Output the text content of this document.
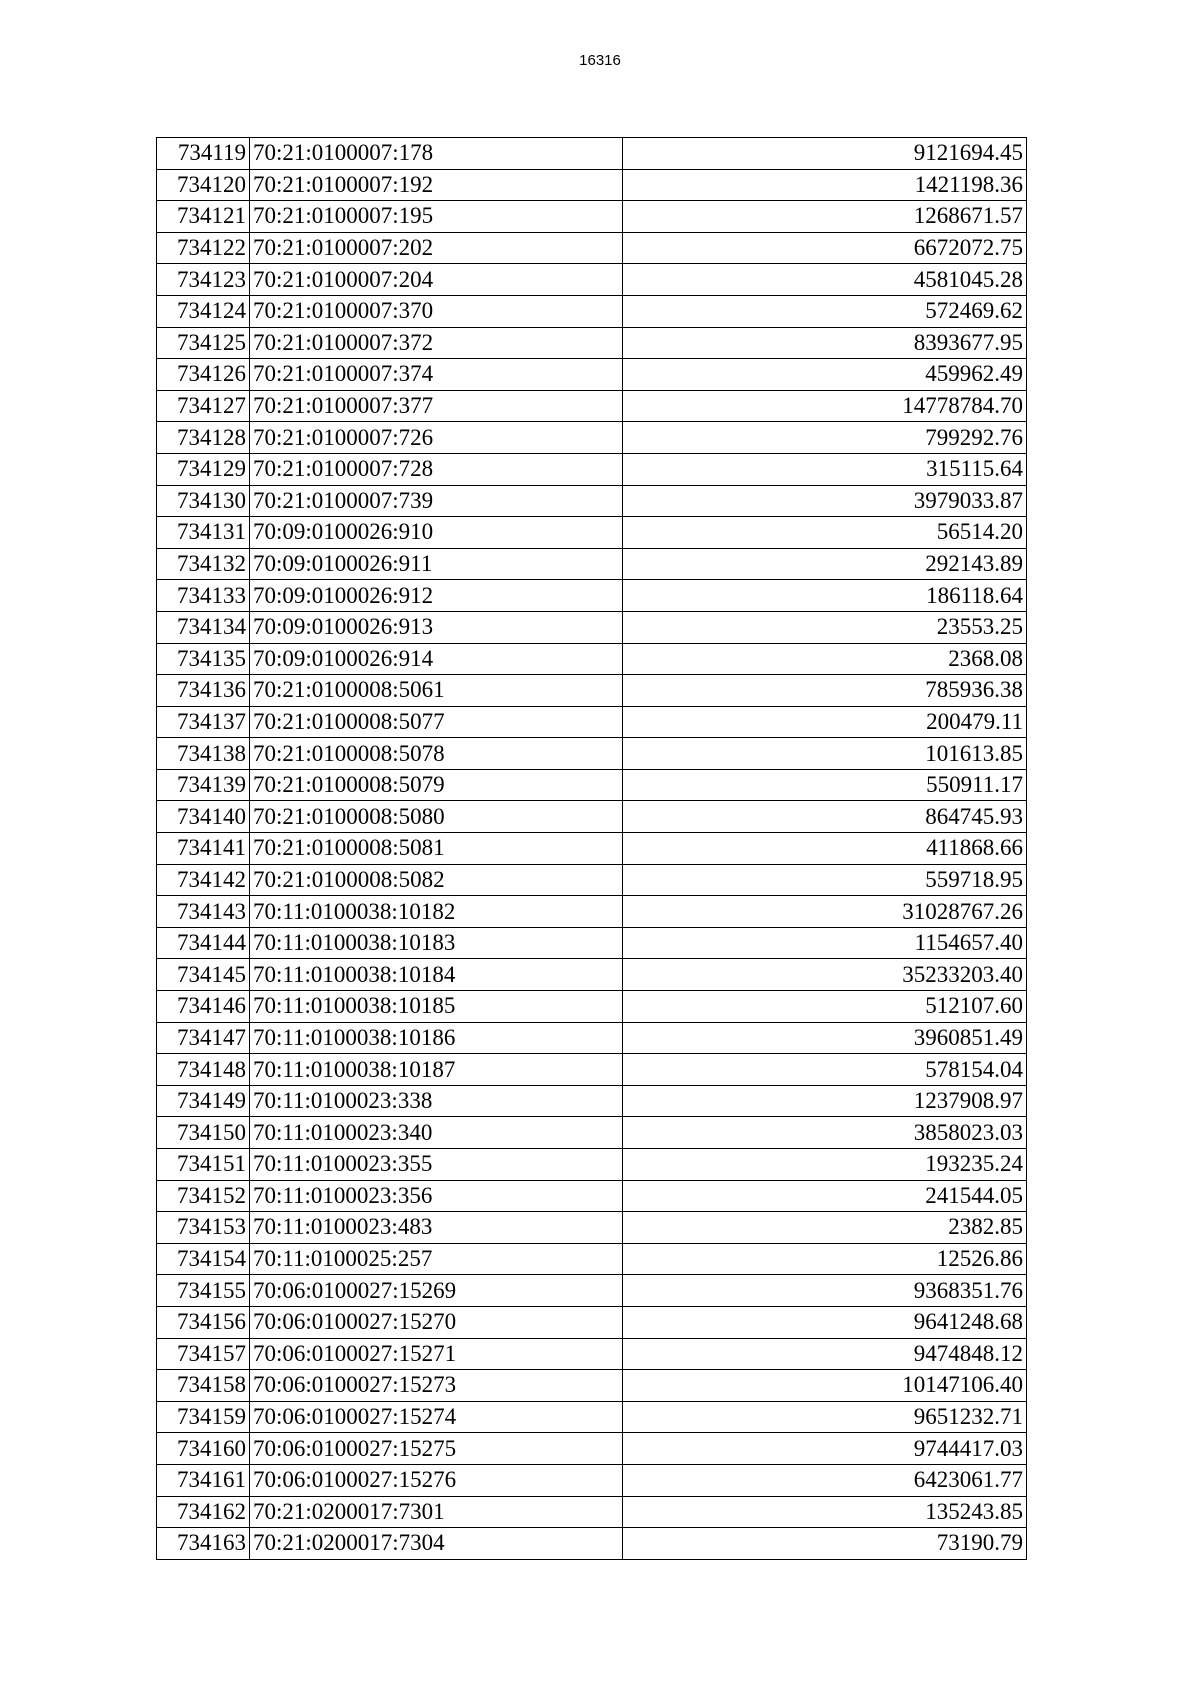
16316
734119	70:21:0100007:178	9121694.45
734120	70:21:0100007:192	1421198.36
734121	70:21:0100007:195	1268671.57
734122	70:21:0100007:202	6672072.75
734123	70:21:0100007:204	4581045.28
734124	70:21:0100007:370	572469.62
734125	70:21:0100007:372	8393677.95
734126	70:21:0100007:374	459962.49
734127	70:21:0100007:377	14778784.70
734128	70:21:0100007:726	799292.76
734129	70:21:0100007:728	315115.64
734130	70:21:0100007:739	3979033.87
734131	70:09:0100026:910	56514.20
734132	70:09:0100026:911	292143.89
734133	70:09:0100026:912	186118.64
734134	70:09:0100026:913	23553.25
734135	70:09:0100026:914	2368.08
734136	70:21:0100008:5061	785936.38
734137	70:21:0100008:5077	200479.11
734138	70:21:0100008:5078	101613.85
734139	70:21:0100008:5079	550911.17
734140	70:21:0100008:5080	864745.93
734141	70:21:0100008:5081	411868.66
734142	70:21:0100008:5082	559718.95
734143	70:11:0100038:10182	31028767.26
734144	70:11:0100038:10183	1154657.40
734145	70:11:0100038:10184	35233203.40
734146	70:11:0100038:10185	512107.60
734147	70:11:0100038:10186	3960851.49
734148	70:11:0100038:10187	578154.04
734149	70:11:0100023:338	1237908.97
734150	70:11:0100023:340	3858023.03
734151	70:11:0100023:355	193235.24
734152	70:11:0100023:356	241544.05
734153	70:11:0100023:483	2382.85
734154	70:11:0100025:257	12526.86
734155	70:06:0100027:15269	9368351.76
734156	70:06:0100027:15270	9641248.68
734157	70:06:0100027:15271	9474848.12
734158	70:06:0100027:15273	10147106.40
734159	70:06:0100027:15274	9651232.71
734160	70:06:0100027:15275	9744417.03
734161	70:06:0100027:15276	6423061.77
734162	70:21:0200017:7301	135243.85
734163	70:21:0200017:7304	73190.79
